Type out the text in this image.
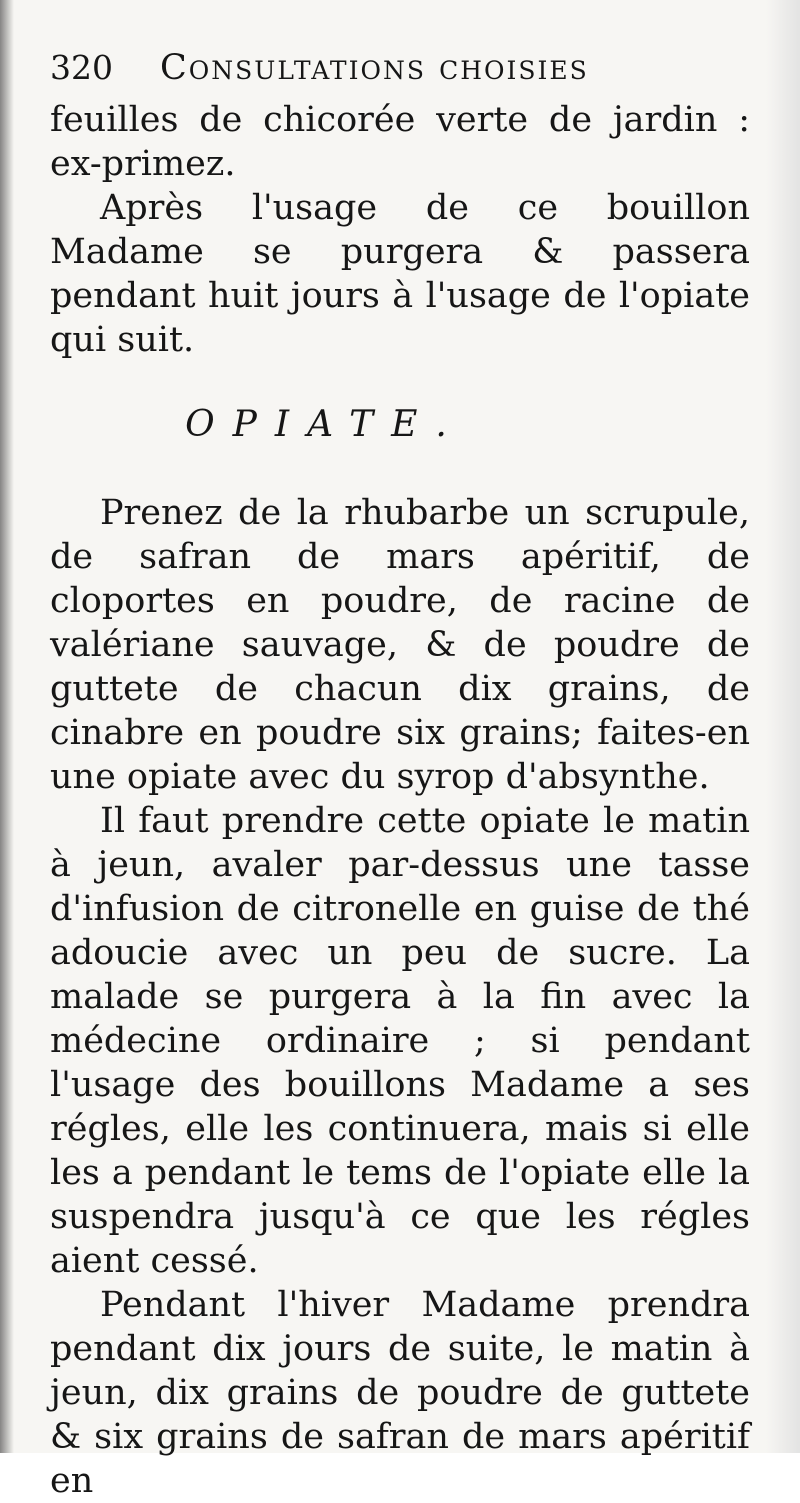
320	Consultations choisies

feuilles de chicorée verte de jardin : ex-primez.

Après l'usage de ce bouillon Madame se purgera & passera pendant huit jours à l'usage de l'opiate qui suit.

OPIATE.

Prenez de la rhubarbe un scrupule, de safran de mars apéritif, de cloportes en poudre, de racine de valériane sauvage, & de poudre de guttete de chacun dix grains, de cinabre en poudre six grains; faites-en une opiate avec du syrop d'absynthe.

Il faut prendre cette opiate le matin à jeun, avaler par-dessus une tasse d'infusion de citronelle en guise de thé adoucie avec un peu de sucre. La malade se purgera à la fin avec la médecine ordinaire ; si pendant l'usage des bouillons Madame a ses régles, elle les continuera, mais si elle les a pendant le tems de l'opiate elle la suspendra jusqu'à ce que les régles aient cessé.

Pendant l'hiver Madame prendra pendant dix jours de suite, le matin à jeun, dix grains de poudre de guttete & six grains de safran de mars apéritif en
